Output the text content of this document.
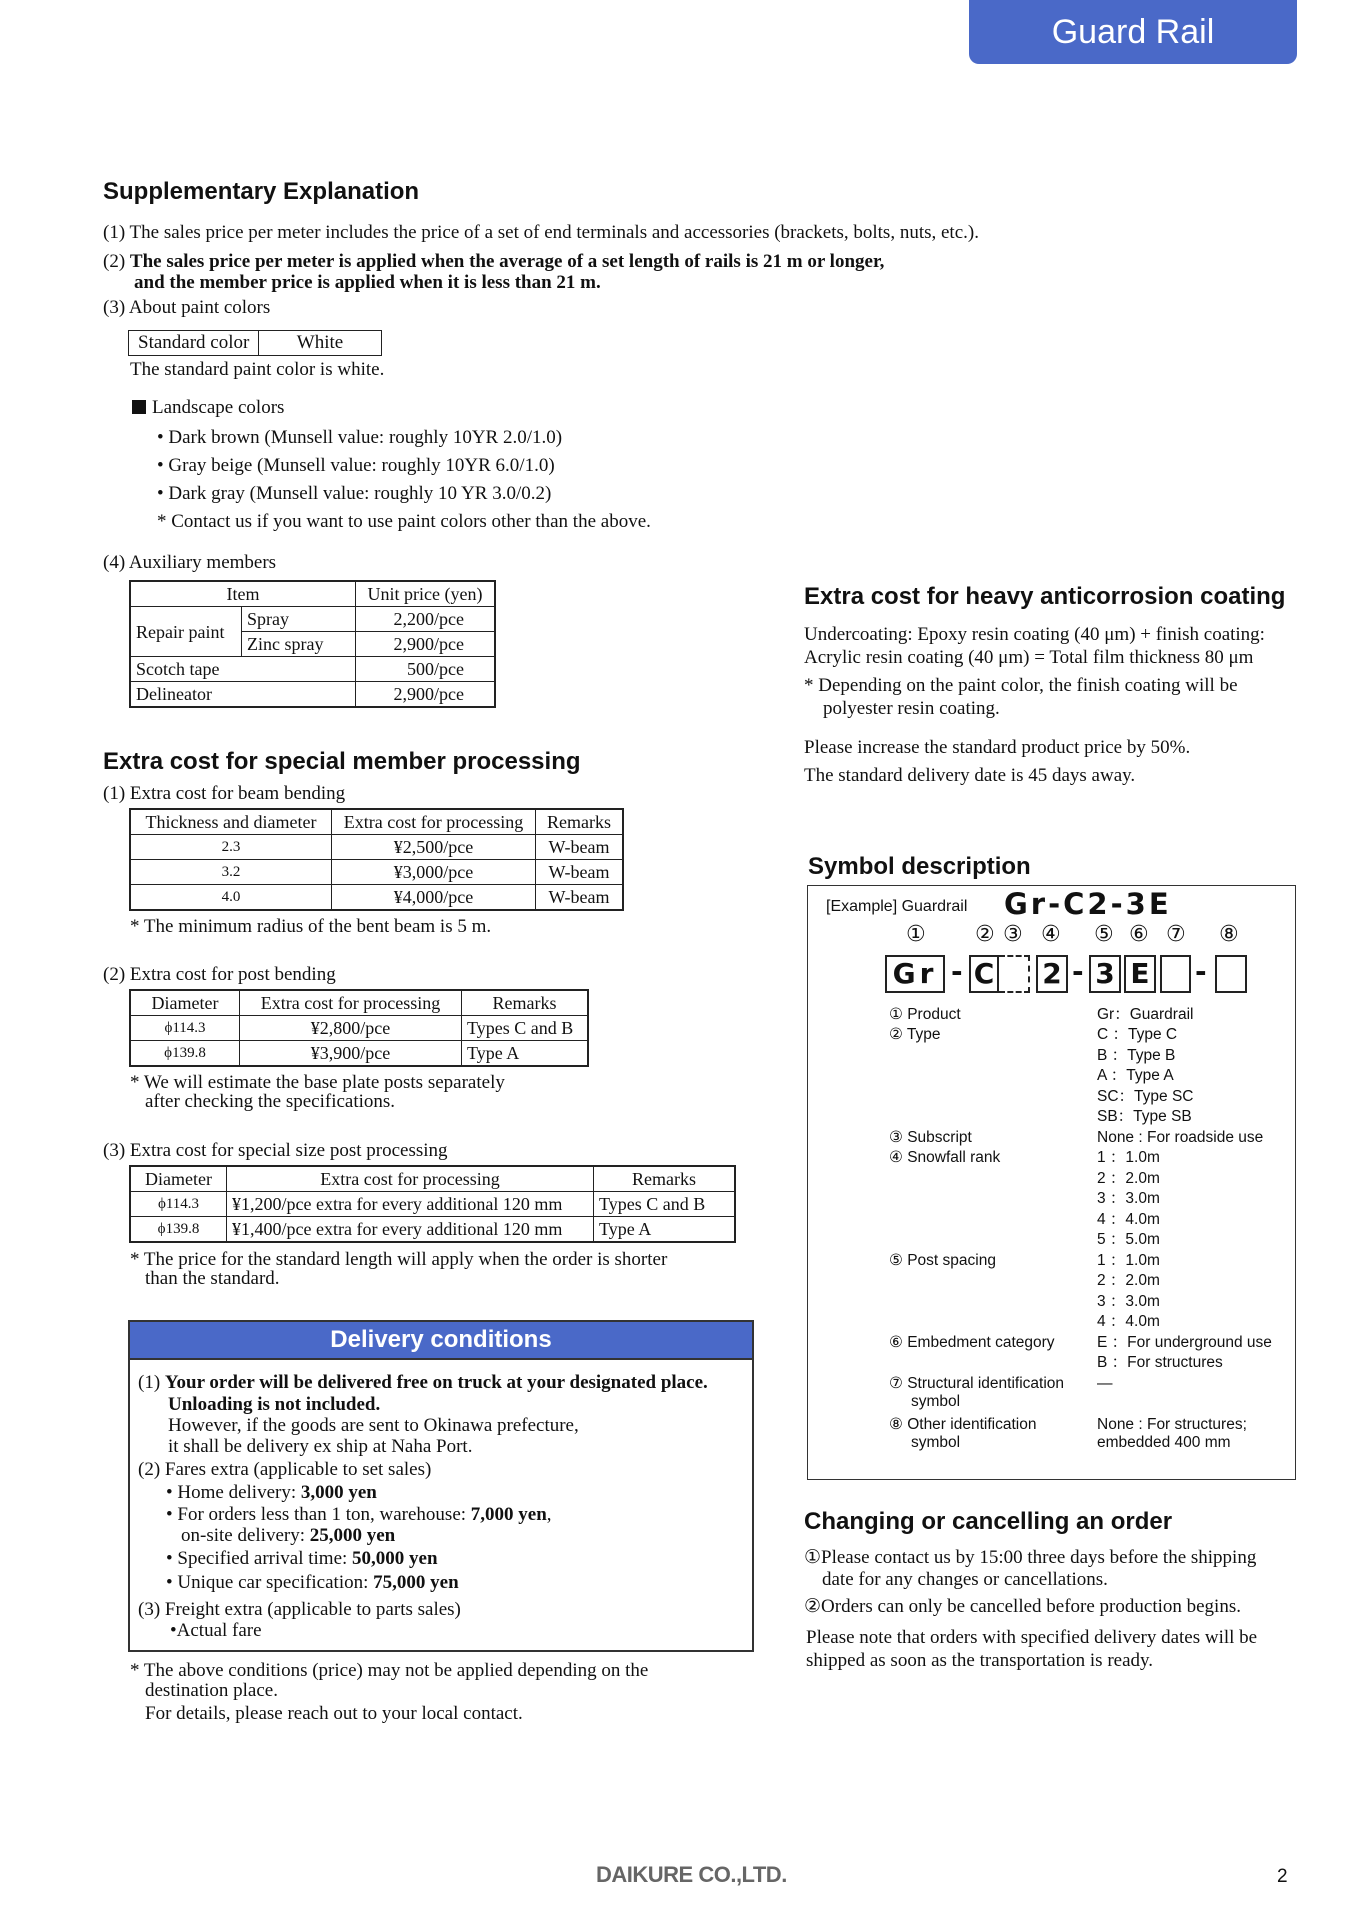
Guard Rail
Supplementary Explanation
(1) The sales price per meter includes the price of a set of end terminals and accessories (brackets, bolts, nuts, etc.).
(2) The sales price per meter is applied when the average of a set length of rails is 21 m or longer,
and the member price is applied when it is less than 21 m.
(3) About paint colors
Standard color	White
The standard paint color is white.
Landscape colors
• Dark brown (Munsell value: roughly 10YR 2.0/1.0)
• Gray beige (Munsell value: roughly 10YR 6.0/1.0)
• Dark gray (Munsell value: roughly 10 YR 3.0/0.2)
* Contact us if you want to use paint colors other than the above.
(4) Auxiliary members
Item		Unit price (yen)
Repair paint	Spray	2,200/pce
	Zinc spray	2,900/pce
Scotch tape		500/pce
Delineator		2,900/pce
Extra cost for special member processing
(1) Extra cost for beam bending
Thickness and diameter	Extra cost for processing	Remarks
2.3	¥2,500/pce	W-beam
3.2	¥3,000/pce	W-beam
4.0	¥4,000/pce	W-beam
* The minimum radius of the bent beam is 5 m.
(2) Extra cost for post bending
Diameter	Extra cost for processing	Remarks
ϕ114.3	¥2,800/pce	Types C and B
ϕ139.8	¥3,900/pce	Type A
* We will estimate the base plate posts separately
after checking the specifications.
(3) Extra cost for special size post processing
Diameter	Extra cost for processing	Remarks
ϕ114.3	¥1,200/pce extra for every additional 120 mm	Types C and B
ϕ139.8	¥1,400/pce extra for every additional 120 mm	Type A
* The price for the standard length will apply when the order is shorter
than the standard.
Delivery conditions
(1) Your order will be delivered free on truck at your designated place.
Unloading is not included.
However, if the goods are sent to Okinawa prefecture,
it shall be delivery ex ship at Naha Port.
(2) Fares extra (applicable to set sales)
• Home delivery: 3,000 yen
• For orders less than 1 ton, warehouse: 7,000 yen,
on-site delivery: 25,000 yen
• Specified arrival time: 50,000 yen
• Unique car specification: 75,000 yen
(3) Freight extra (applicable to parts sales)
•Actual fare
* The above conditions (price) may not be applied depending on the
destination place.
For details, please reach out to your local contact.
Extra cost for heavy anticorrosion coating
Undercoating: Epoxy resin coating (40 μm) + finish coating:
Acrylic resin coating (40 μm) = Total film thickness 80 μm
* Depending on the paint color, the finish coating will be
polyester resin coating.
Please increase the standard product price by 50%.
The standard delivery date is 45 days away.
Symbol description
[Example] Guardrail Gr-C2-3E
① ② ③ ④ ⑤ ⑥ ⑦ ⑧
Gr - C 2 - 3 E -
① Product	Gr：Guardrail
② Type	C ：Type C
B ：Type B
A ：Type A
SC：Type SC
SB：Type SB
③ Subscript	None : For roadside use
④ Snowfall rank	1 ：1.0m
2 ：2.0m
3 ：3.0m
4 ：4.0m
5 ：5.0m
⑤ Post spacing	1 ：1.0m
2 ：2.0m
3 ：3.0m
4 ：4.0m
⑥ Embedment category	E ：For underground use
B ：For structures
⑦ Structural identification
symbol
—
⑧ Other identification
symbol
None : For structures;
embedded 400 mm
Changing or cancelling an order
①Please contact us by 15:00 three days before the shipping
date for any changes or cancellations.
②Orders can only be cancelled before production begins.
Please note that orders with specified delivery dates will be
shipped as soon as the transportation is ready.
DAIKURE CO.,LTD.	2
